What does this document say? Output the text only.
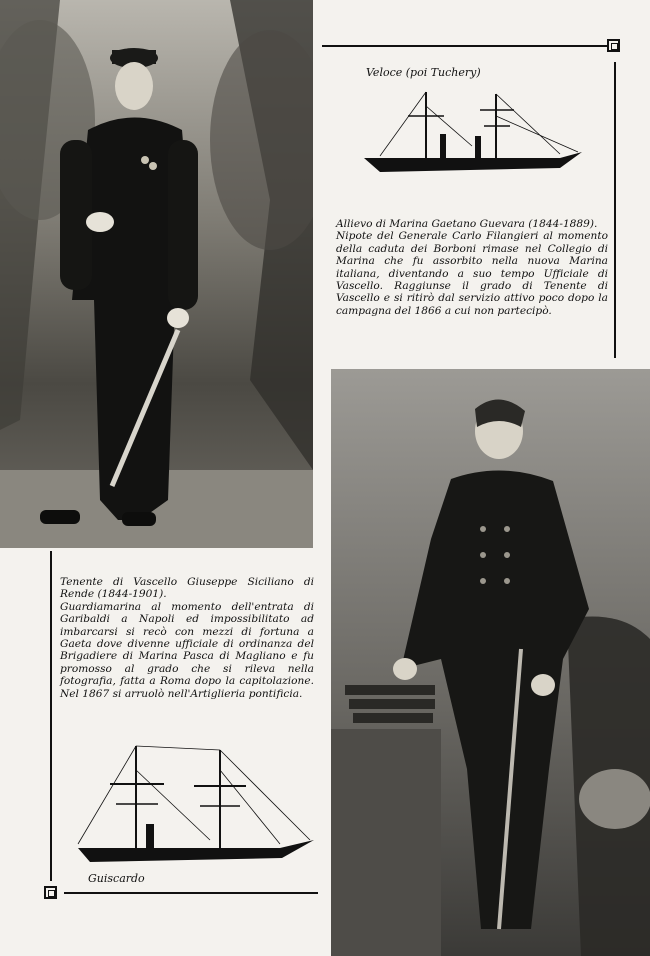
Veloce (poi Tuchery)
Allievo di Marina Gaetano Guevara (1844-1889).
Nipote del Generale Carlo Filangieri al momento della caduta dei Borboni rimase nel Collegio di Marina che fu assorbito nella nuova Marina italiana, diventando a suo tempo Ufficiale di Vascello. Raggiunse il grado di Tenente di Vascello e si ritirò dal servizio attivo poco dopo la campagna del 1866 a cui non partecipò.
Tenente di Vascello Giuseppe Siciliano di Rende (1844-1901).
Guardiamarina al momento dell'entrata di Garibaldi a Napoli ed impossibilitato ad imbarcarsi si recò con mezzi di fortuna a Gaeta dove divenne ufficiale di ordinanza del Brigadiere di Marina Pasca di Magliano e fu promosso al grado che si rileva nella fotografia, fatta a Roma dopo la capitolazione. Nel 1867 si arruolò nell'Artiglieria pontificia.
Guiscardo
